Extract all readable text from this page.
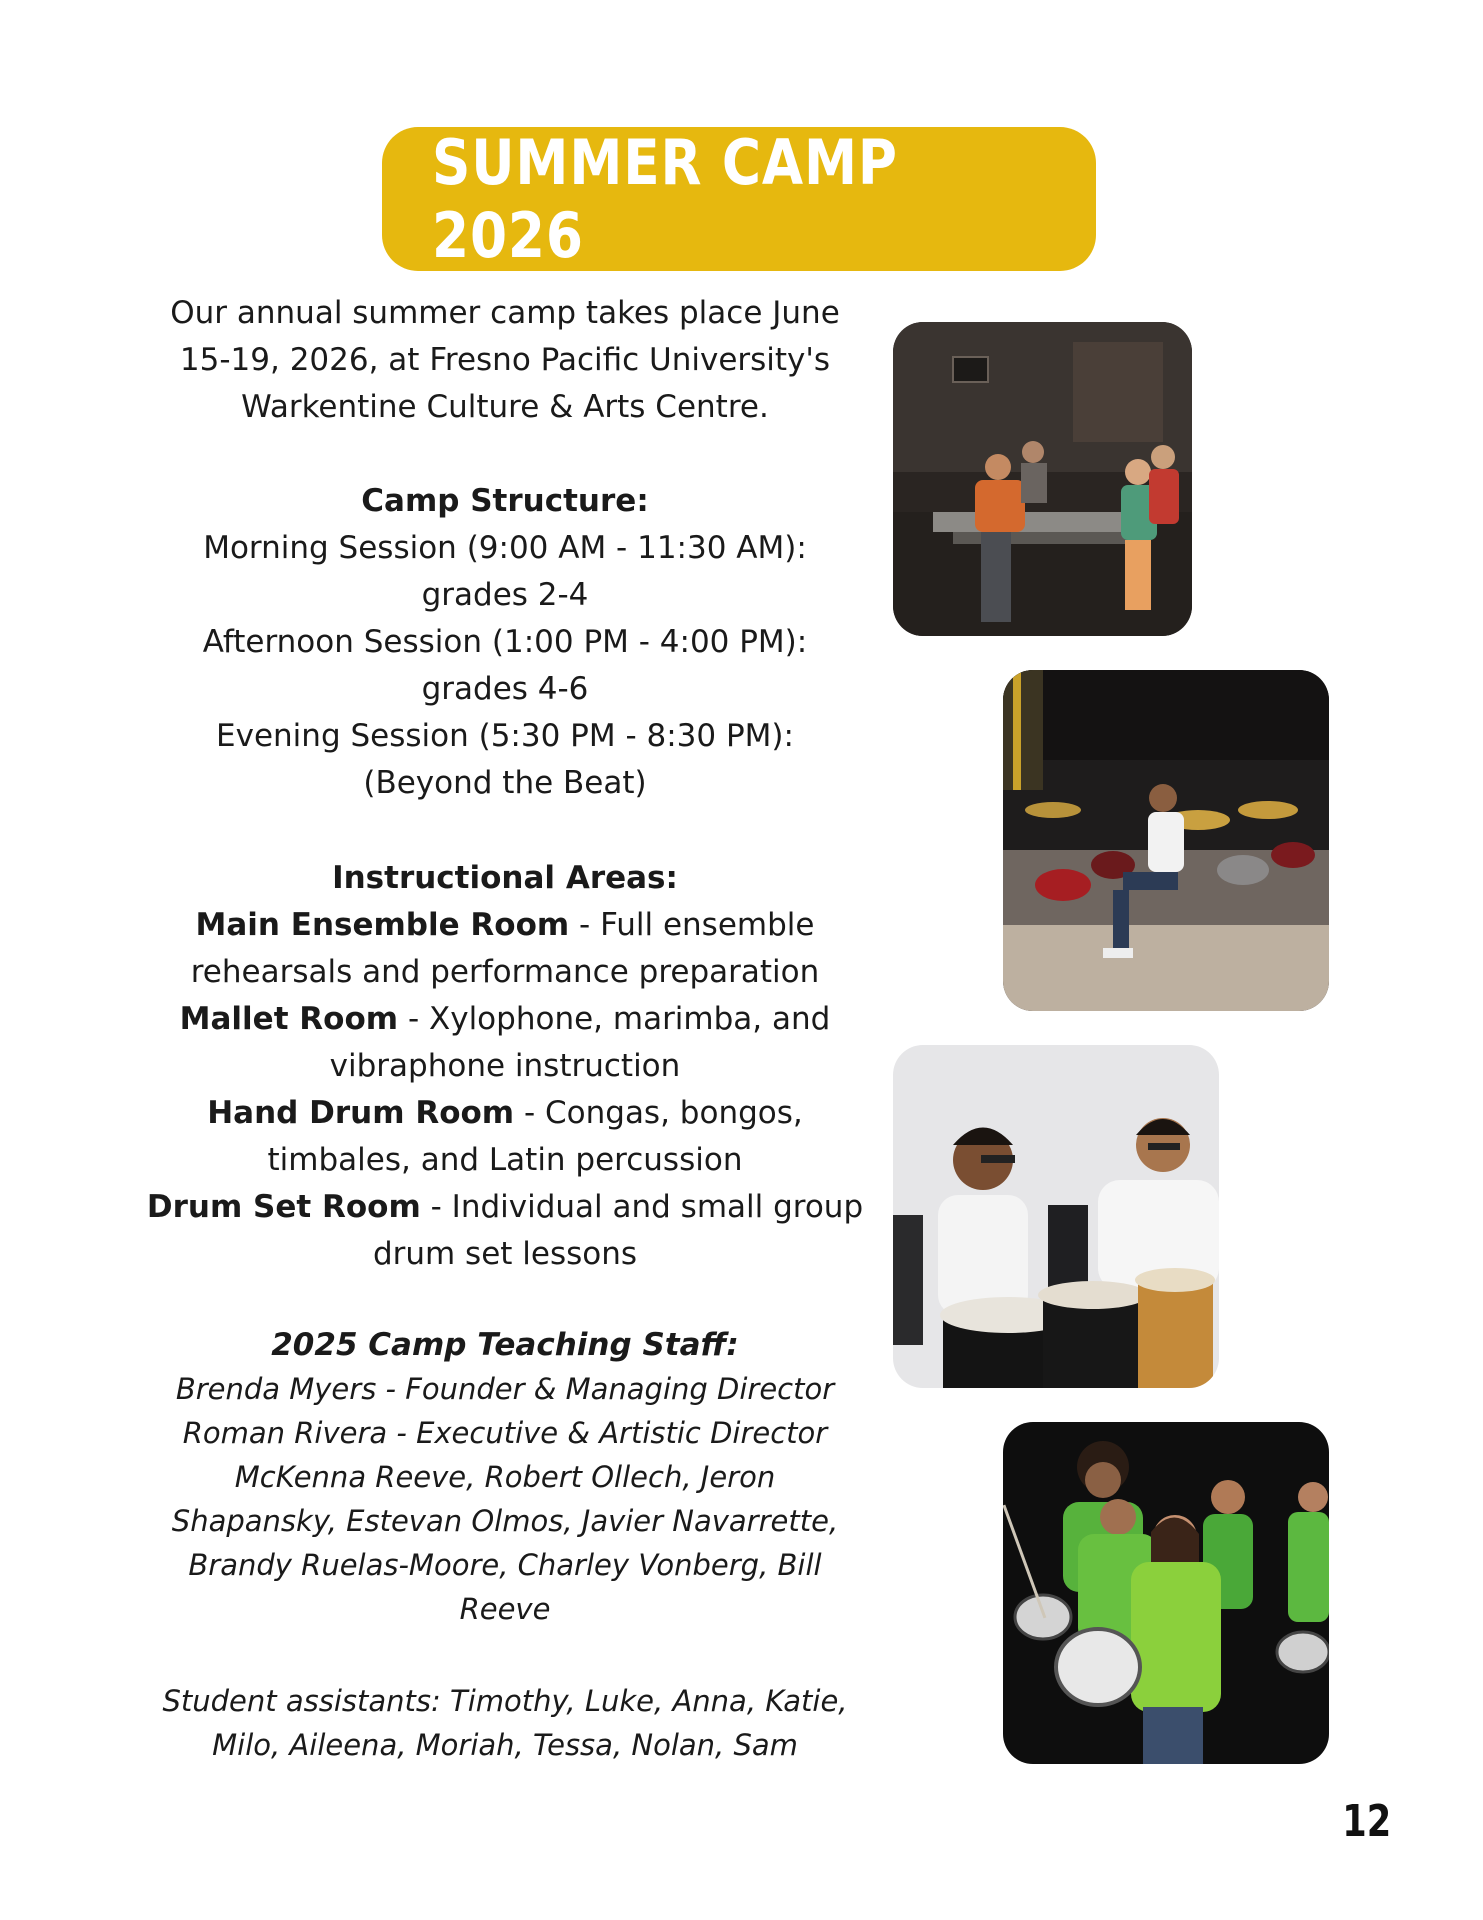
SUMMER CAMP 2026
Our annual summer camp takes place June
15-19, 2026, at Fresno Pacific University's
Warkentine Culture & Arts Centre.
Camp Structure:
Morning Session (9:00 AM - 11:30 AM):
grades 2-4
Afternoon Session (1:00 PM - 4:00 PM):
grades 4-6
Evening Session (5:30 PM - 8:30 PM):
(Beyond the Beat)
Instructional Areas:
Main Ensemble Room - Full ensemble
rehearsals and performance preparation
Mallet Room - Xylophone, marimba, and
vibraphone instruction
Hand Drum Room - Congas, bongos,
timbales, and Latin percussion
Drum Set Room - Individual and small group
drum set lessons
2025 Camp Teaching Staff:
Brenda Myers - Founder & Managing Director
Roman Rivera - Executive & Artistic Director
McKenna Reeve, Robert Ollech, Jeron
Shapansky, Estevan Olmos, Javier Navarrette,
Brandy Ruelas-Moore, Charley Vonberg, Bill
Reeve
Student assistants: Timothy, Luke, Anna, Katie,
Milo, Aileena, Moriah, Tessa, Nolan, Sam
12
